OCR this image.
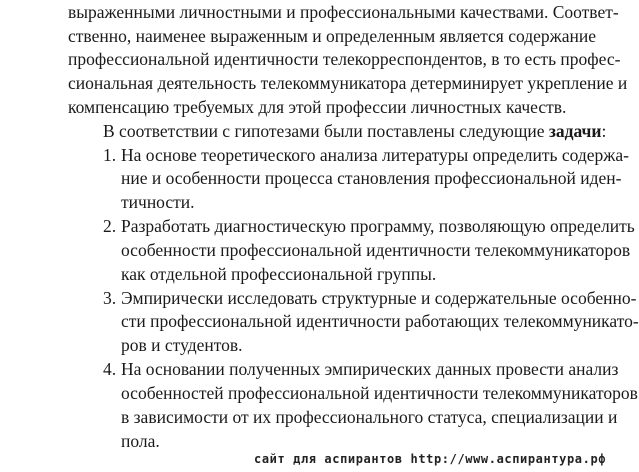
выраженными личностными и профессиональными качествами. Соответ-
ственно, наименее выраженным и определенным является содержание
профессиональной идентичности телекорреспондентов, в то есть профес-
сиональная деятельность телекоммуникатора детерминирует укрепление и
компенсацию требуемых для этой профессии личностных качеств.
В соответствии с гипотезами были поставлены следующие задачи:
1. На основе теоретического анализа литературы определить содержа-
ние и особенности процесса становления профессиональной иден-
тичности.
2. Разработать диагностическую программу, позволяющую определить
особенности профессиональной идентичности телекоммуникаторов
как отдельной профессиональной группы.
3. Эмпирически исследовать структурные и содержательные особенно-
сти профессиональной идентичности работающих телекоммуникато-
ров и студентов.
4. На основании полученных эмпирических данных провести анализ
особенностей профессиональной идентичности телекоммуникаторов
в зависимости от их профессионального статуса, специализации и
пола.
сайт для аспирантов http://www.аспирантура.рф
